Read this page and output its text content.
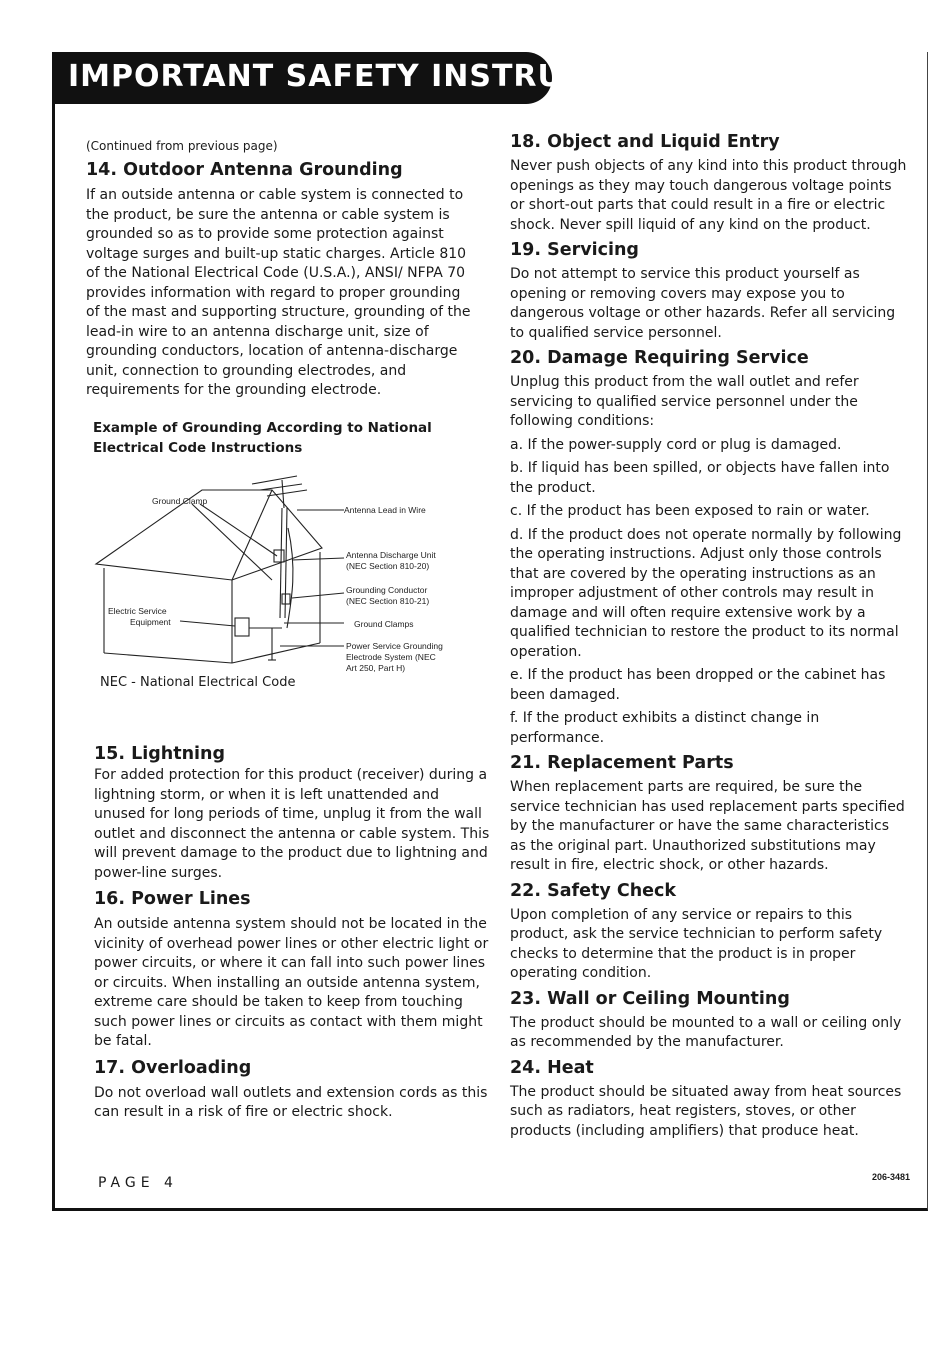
IMPORTANT SAFETY INSTRUCTIONS

(Continued from previous page)

14. Outdoor Antenna Grounding

If an outside antenna or cable system is connected to the product, be sure the antenna or cable system is grounded so as to provide some protection against voltage surges and built-up static charges. Article 810 of the National Electrical Code (U.S.A.), ANSI/ NFPA 70 provides information with regard to proper grounding of the mast and supporting structure, grounding of the lead-in wire to an antenna discharge unit, size of grounding conductors, location of antenna-discharge unit, connection to grounding electrodes, and requirements for the grounding electrode.

Example of Grounding According to National Electrical Code Instructions

Ground Clamp
Antenna Lead in Wire
Antenna Discharge Unit
(NEC Section 810-20)
Grounding Conductor
(NEC Section 810-21)
Ground Clamps
Power Service Grounding
Electrode System (NEC
Art 250, Part H)
Electric Service
Equipment
NEC - National Electrical Code
15. Lightning

For added protection for this product (receiver) during a lightning storm, or when it is left unattended and unused for long periods of time, unplug it from the wall outlet and disconnect the antenna or cable system. This will prevent damage to the product due to lightning and power-line surges.

16. Power Lines

An outside antenna system should not be located in the vicinity of overhead power lines or other electric light or power circuits, or where it can fall into such power lines or circuits. When installing an outside antenna system, extreme care should be taken to keep from touching such power lines or circuits as contact with them might be fatal.

17. Overloading

Do not overload wall outlets and extension cords as this can result in a risk of fire or electric shock.

18. Object and Liquid Entry

Never push objects of any kind into this product through openings as they may touch dangerous voltage points or short-out parts that could result in a fire or electric shock. Never spill liquid of any kind on the product.

19. Servicing

Do not attempt to service this product yourself as opening or removing covers may expose you to dangerous voltage or other hazards. Refer all servicing to qualified service personnel.

20. Damage Requiring Service

Unplug this product from the wall outlet and refer servicing to qualified service personnel under the following conditions:

a. If the power-supply cord or plug is damaged.

b. If liquid has been spilled, or objects have fallen into the product.

c. If the product has been exposed to rain or water.

d. If the product does not operate normally by following the operating instructions. Adjust only those controls that are covered by the operating instructions as an improper adjustment of other controls may result in damage and will often require extensive work by a qualified technician to restore the product to its normal operation.

e. If the product has been dropped or the cabinet has been damaged.

f. If the product exhibits a distinct change in performance.

21. Replacement Parts

When replacement parts are required, be sure the service technician has used replacement parts specified by the manufacturer or have the same characteristics as the original part. Unauthorized substitutions may result in fire, electric shock, or other hazards.

22. Safety Check

Upon completion of any service or repairs to this product, ask the service technician to perform safety checks to determine that the product is in proper operating condition.

23. Wall or Ceiling Mounting

The product should be mounted to a wall or ceiling only as recommended by the manufacturer.

24. Heat

The product should be situated away from heat sources such as radiators, heat registers, stoves, or other products (including amplifiers) that produce heat.

PAGE 4	206-3481
